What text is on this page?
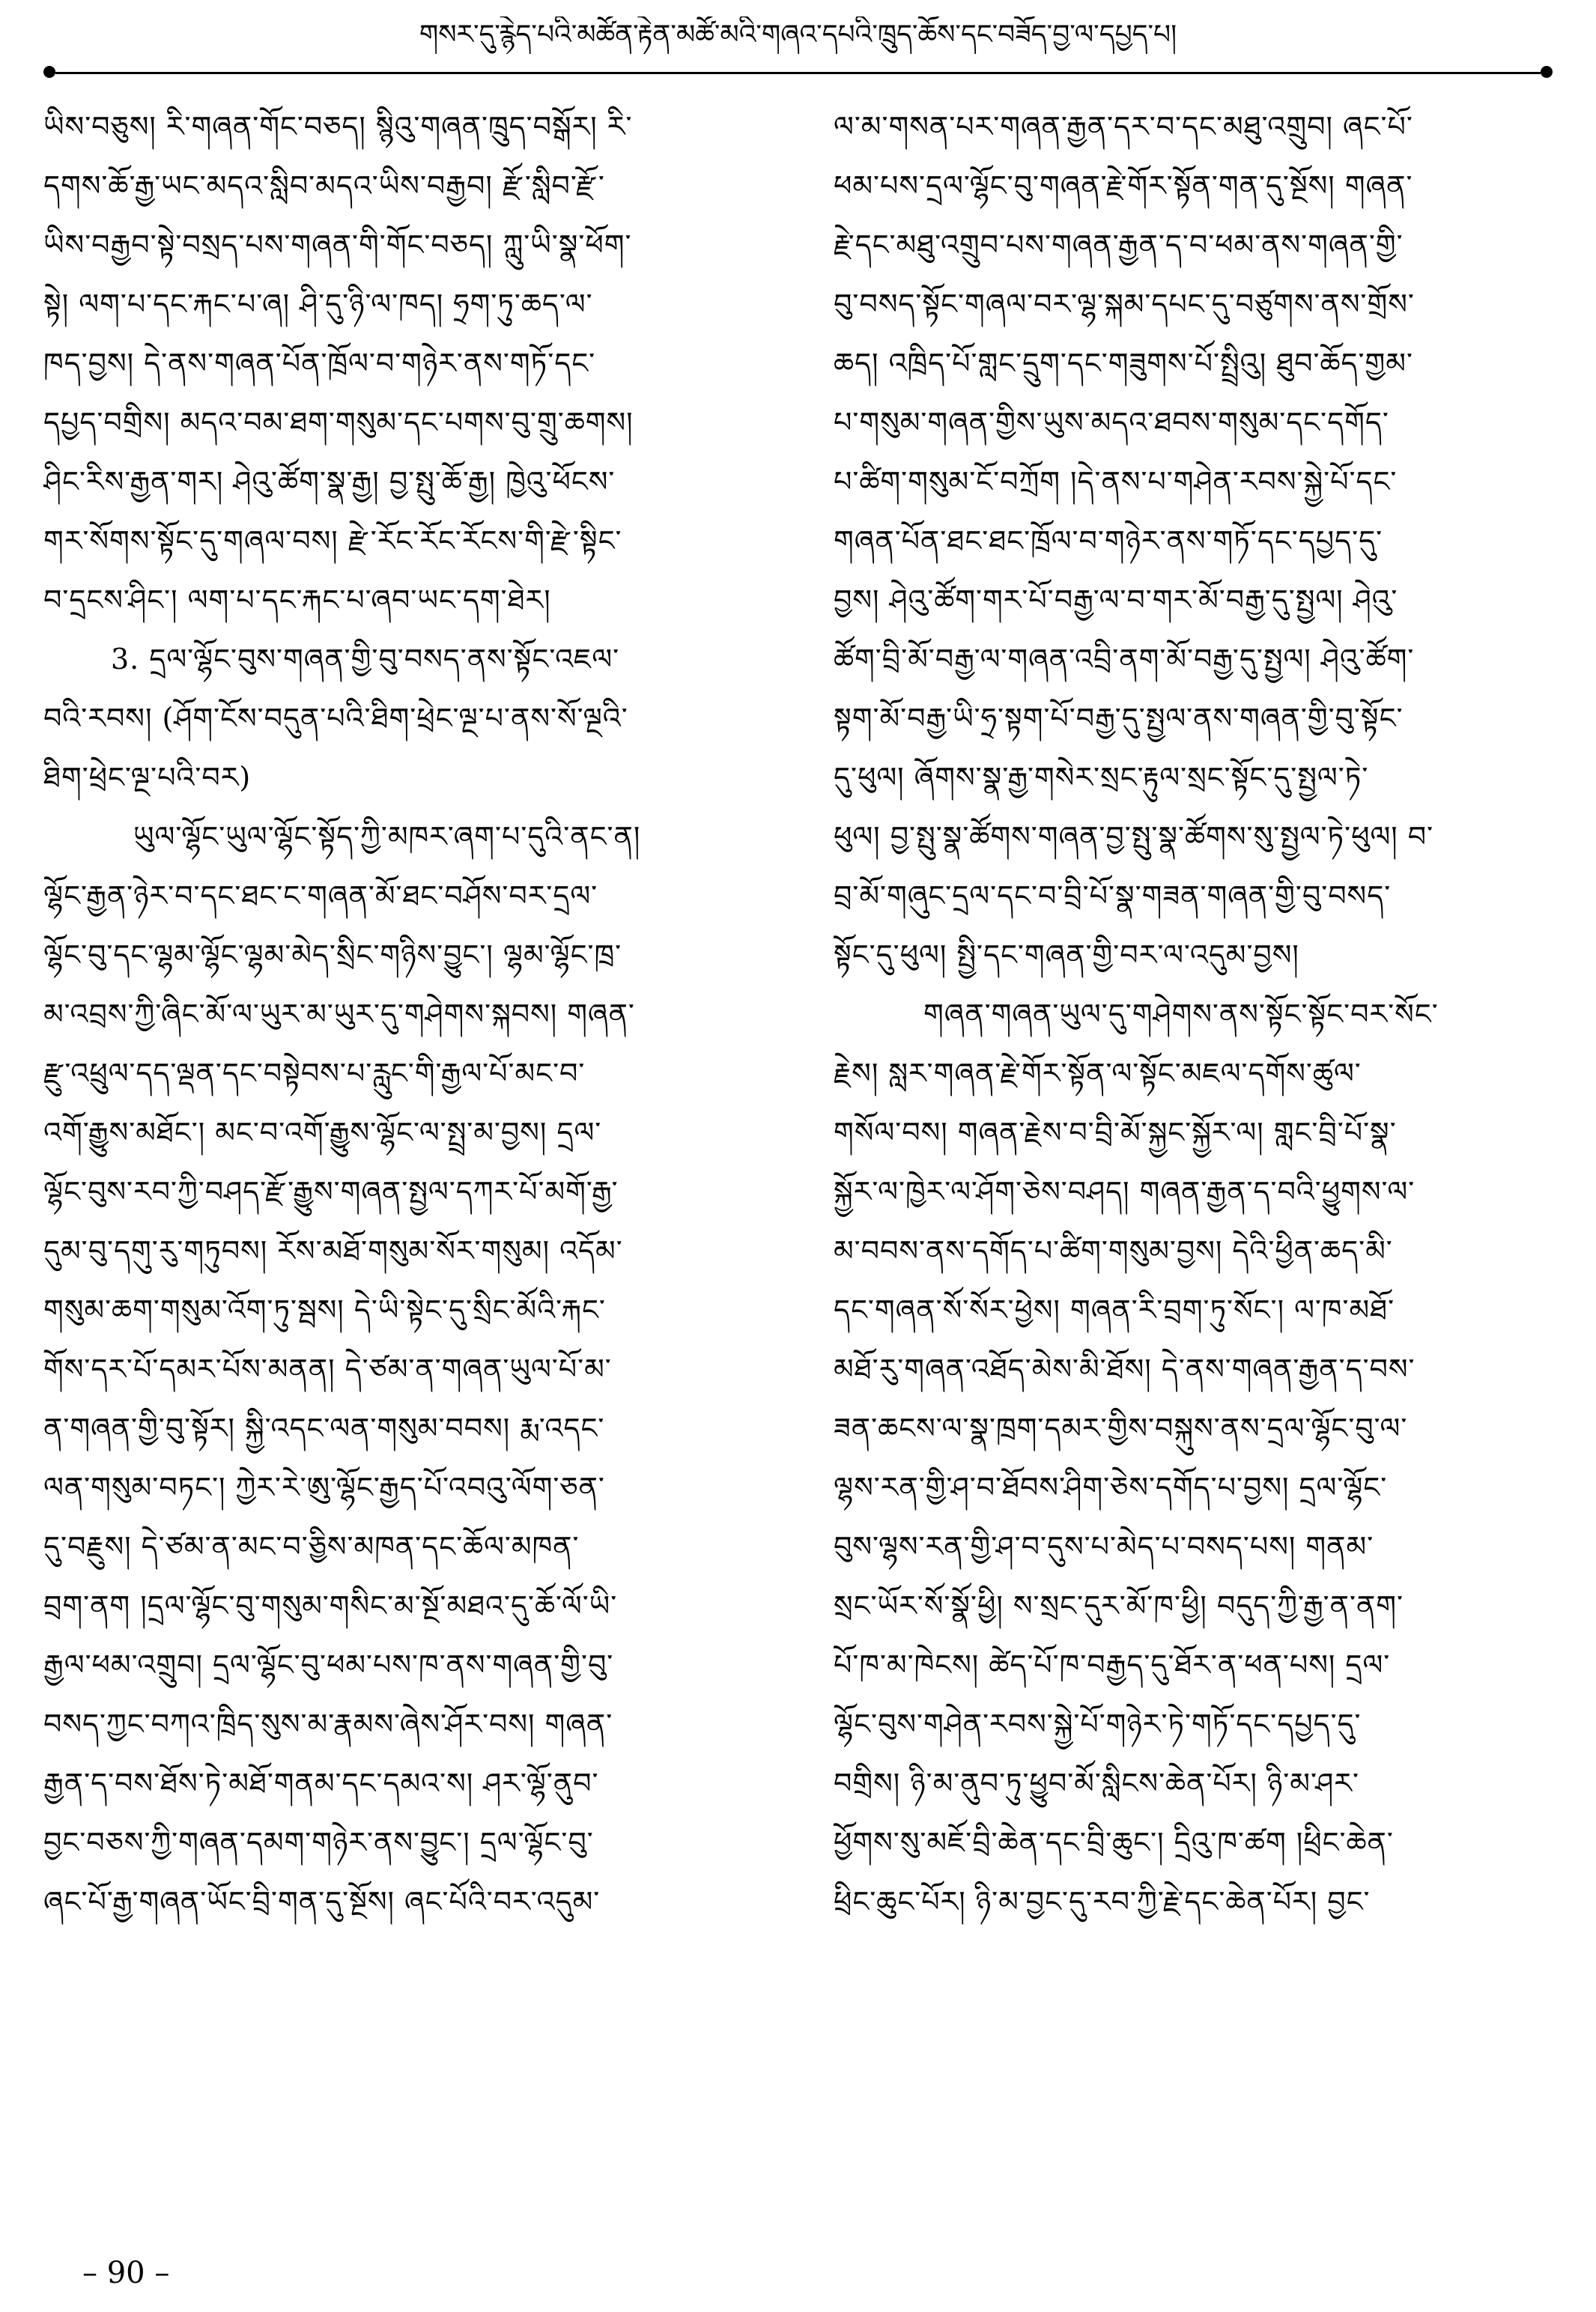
གསར་དུ་རྙེད་པའི་མཚོན་རྟེན་མཚོ་མའི་གཞའ་དཔའི་ཁྲུད་ཆོས་དང་བཟོད་བྱ་ལ་དཔྱད་པ།
ཡིས་བཅུས། རི་གཞན་གོང་བཅད། སྙིའུ་གཞན་ཁྲུད་བསྒོར། རི་
དགས་ཆོ་རྒྱ་ཡང་མདའ་སླིབ་མདའ་ཡིས་བརྒྱབ། རྫོ་སླིབ་རྫོ་
ཡིས་བརྒྱབ་སྟེ་བསྲད་པས་གཞན་གི་གོང་བཅད། ཀླུ་ཡི་སྣ་ཕོག་
སྟེ། ལག་པ་དང་རྐང་པ་ཞ། ཤི་དུ་ཉི་ལ་ཁད། ཧྲག་ཏུ་ཆད་ལ་
ཁད་བྱས། དེ་ནས་གཞན་པོན་ཁྲོལ་བ་གཉེར་ནས་གཏོ་དང་
དཔྱད་བགྲིས། མདའ་བམ་ཐག་གསུམ་དང་པགས་བུ་གྲུ་ཆགས།
ཤིང་རིས་རྒྱན་གར། ཤེའུ་ཚོག་སྣ་རྒྱ། བྱ་སྤུ་ཆོ་རྒྱ། ཁྱེའུ་ཕོངས་
གར་སོགས་སྟོང་དུ་གཞལ་བས། རྫེ་རོང་རོང་རོངས་གི་རྫེ་སྟིང་
བ་དྲངས་ཤིང་། ལག་པ་དང་རྐང་པ་ཞབ་ཡང་དག་ཐེར།
3. དྲལ་ལྷོང་བུས་གཞན་གྱི་བུ་བསད་ནས་སྟོང་འཇལ་
བའི་རབས། (ཤོག་ངོས་བདུན་པའི་ཐིག་ཕྲེང་ལྔ་པ་ནས་སོ་ལྔའི་
ཐིག་ཕྲེང་ལྔ་པའི་བར)
ཡུལ་ལྷོང་ཡུལ་ལྷོང་སྟོད་ཀྱི་མཁར་ཞག་པ་དུའི་ནང་ན།
ལྷོང་རྒྱན་ཉེར་བ་དང་ཐང་ང་གཞན་མོ་ཐང་བཤོས་བར་དྲལ་
ལྷོང་བུ་དང་ལྷམ་ལྷོང་ལྷམ་མེད་སྲིང་གཉིས་བྱུང་། ལྷམ་ལྷོང་ཁྲ་
མ་འབྲས་ཀྱི་ཞིང་མོ་ལ་ཡུར་མ་ཡུར་དུ་གཤེགས་སྐབས། གཞན་
རྫུ་འཕྲུལ་དད་ལྡན་དང་བསྟེབས་པ་རླུང་གི་རྒྱལ་པོ་མང་བ་
འགོ་རྒྱུས་མཐོང་། མང་བ་འགོ་རྒྱུས་ལྷོང་ལ་སྤྲ་མ་བྱས། དྲལ་
ལྷོང་བུས་རབ་ཀྱི་བཤད་རྫོ་རྒྱུས་གཞན་སྤྱལ་དཀར་པོ་མགོ་རྒྱ་
དུམ་བུ་དགུ་རུ་གཏུབས། རོས་མཐོ་གསུམ་སོར་གསུམ། འདོམ་
གསུམ་ཆག་གསུམ་འོག་ཏུ་སྦས། དེ་ཡི་སྟེང་དུ་སྲིང་མོའི་རྐང་
གོས་དར་པོ་དམར་པོས་མནན། དེ་ཙམ་ན་གཞན་ཡུལ་པོ་མ་
ན་གཞན་གྱི་བུ་སྟོར། སྐྱི་འདང་ལན་གསུམ་བབས། རྨ་འདང་
ལན་གསུམ་བཏང་། ཀྱེར་རེ་ཨུ་ལྷོང་རྒྱད་པོ་འབའུ་ལོག་ཅན་
དུ་བརྗུས། དེ་ཙམ་ན་མང་བ་ཅྱིས་མཁན་དང་ཆོལ་མཁན་
བྲག་ནག །དྲལ་ལྷོང་བུ་གསུམ་གསིང་མ་སྔོ་མཐའ་དུ་ཆོ་ལོ་ཡི་
རྒྱལ་ཕམ་འགྲུབ། དྲལ་ལྷོང་བུ་ཕམ་པས་ཁ་ནས་གཞན་གྱི་བུ་
བསད་ཀྱང་བཀའ་ཁྲིད་སུས་མ་རྣམས་ཞེས་ཤོར་བས། གཞན་
རྒྱན་ད་བས་ཐོས་ཏེ་མཐོ་གནམ་དང་དམའ་ས། ཤར་ལྷོ་ནུབ་
བྱང་བཅས་ཀྱི་གཞན་དམག་གཉེར་ནས་བྱུང་། དྲལ་ལྷོང་བུ་
ཞང་པོ་རྒྱ་གཞན་ཡོང་བྲི་གན་དུ་སྔོས། ཞང་པོའི་བར་འདུམ་
ལ་མ་གསན་པར་གཞན་རྒྱན་དར་བ་དང་མཐུ་འགྲུབ། ཞང་པོ་
ཕམ་པས་དྲལ་ལྷོང་བུ་གཞན་རྗེ་གོར་སྟོན་གན་དུ་སྔོས། གཞན་
རྗེ་དང་མཐུ་འགྲུབ་པས་གཞན་རྒྱན་ད་བ་ཕམ་ནས་གཞན་གྱི་
བུ་བསད་སྟོང་གཞལ་བར་ལྷ་སྐམ་དཔང་དུ་བཙུགས་ནས་གྲོས་
ཆད། འཁྲིད་པོ་གླང་དྲུག་དང་གཟུགས་པོ་སྤྲིའུ། ཐུབ་ཆོད་གྱམ་
པ་གསུམ་གཞན་གྱིས་ཡུས་མདའ་ཐབས་གསུམ་དང་དགོད་
པ་ཚིག་གསུམ་ངོ་བཀྲོག །དེ་ནས་པ་གཤེན་རབས་སྐྱེ་པོ་དང་
གཞན་པོན་ཐང་ཐང་ཁྲོལ་བ་གཉེར་ནས་གཏོ་དང་དཔྱད་དུ་
བྱས། ཤེའུ་ཚོག་གར་པོ་བརྒྱ་ལ་བ་གར་མོ་བརྒྱ་དུ་སྤྱལ། ཤེའུ་
ཚོག་བྲི་མོ་བརྒྱ་ལ་གཞན་འབྲི་ནག་མོ་བརྒྱ་དུ་སྤྱལ། ཤེའུ་ཚོག་
སྟག་མོ་བརྒྱ་ཡི་ཧྲ་སྟག་པོ་བརྒྱ་དུ་སྤྱལ་ནས་གཞན་གྱི་བུ་སྟོང་
དུ་ཕུལ། ཞོགས་སྣ་རྒྱ་གསེར་སྲང་རྟུལ་སྲང་སྟོང་དུ་སྤྱལ་ཏེ་
ཕུལ། བྱ་སྤུ་སྣ་ཚོགས་གཞན་བྱ་སྤུ་སྣ་ཚོགས་སུ་སྤྱལ་ཏེ་ཕུལ། བ་
བྲ་མོ་གཞུང་དྲལ་དང་བ་བྲི་པོ་སྣ་གཟན་གཞན་གྱི་བུ་བསད་
སྟོང་དུ་ཕུལ། སྤྱི་དང་གཞན་གྱི་བར་ལ་འདུམ་བྱས།
གཞན་གཞན་ཡུལ་དུ་གཤེགས་ནས་སྟོང་སྟོང་བར་སོང་
རྗེས། སླར་གཞན་རྗེ་གོར་སྟོན་ལ་སྟོང་མཇལ་དགོས་ཚུལ་
གསོལ་བས། གཞན་རྗེས་བ་བྲི་མོ་སྐྱང་སྐྱོར་ལ། གླང་བྲི་པོ་སྣ་
སྐྱོར་ལ་ཁྱེར་ལ་ཤོག་ཅེས་བཤད། གཞན་རྒྱན་ད་བའི་ཕྱུགས་ལ་
མ་བབས་ནས་དགོད་པ་ཚིག་གསུམ་བྱས། དེའི་ཕྱིན་ཆད་མི་
དང་གཞན་སོ་སོར་ཕྱེས། གཞན་རི་བྲག་ཏུ་སོང་། ལ་ཁ་མཐོ་
མཐོ་རུ་གཞན་འཐོད་མེས་མི་ཐོས། དེ་ནས་གཞན་རྒྱན་ད་བས་
ཟན་ཆངས་ལ་སྣ་ཁྲག་དམར་གྱིས་བསྐུས་ནས་དྲལ་ལྷོང་བུ་ལ་
ལྷས་རན་གྱི་ཤ་བ་ཐོབས་ཤིག་ཅེས་དགོད་པ་བྱས། དྲལ་ལྷོང་
བུས་ལྷས་རན་གྱི་ཤ་བ་དུས་པ་མེད་པ་བསད་པས། གནམ་
སྲང་ཡོར་སོ་སྣོ་ཕྱི། ས་སྲང་དུར་མོ་ཁ་ཕྱི། བདུད་ཀྱི་རྒྱ་ན་ནག་
པོ་ཁ་མ་ཁེངས། ཚེད་པོ་ཁ་བརྒྱད་དུ་ཐོར་ན་ཕན་པས། དྲལ་
ལྷོང་བུས་གཤེན་རབས་སྐྱེ་པོ་གཉེར་ཏེ་གཏོ་དང་དཔྱད་དུ་
བགྲིས། ཉི་མ་ནུབ་ཏུ་ཕྱུབ་མོ་སླིངས་ཆེན་པོར། ཉི་མ་ཤར་
ཕྱོགས་སུ་མཇོ་བྲི་ཆེན་དང་བྲི་ཆུང་། དྲིའུ་ཁ་ཚག །ཕྲིང་ཆེན་
ཕྲིང་ཆུང་པོར། ཉི་མ་བྱང་དུ་རབ་ཀྱི་རྗེ་དང་ཆེན་པོར། བྱང་
– 90 –
